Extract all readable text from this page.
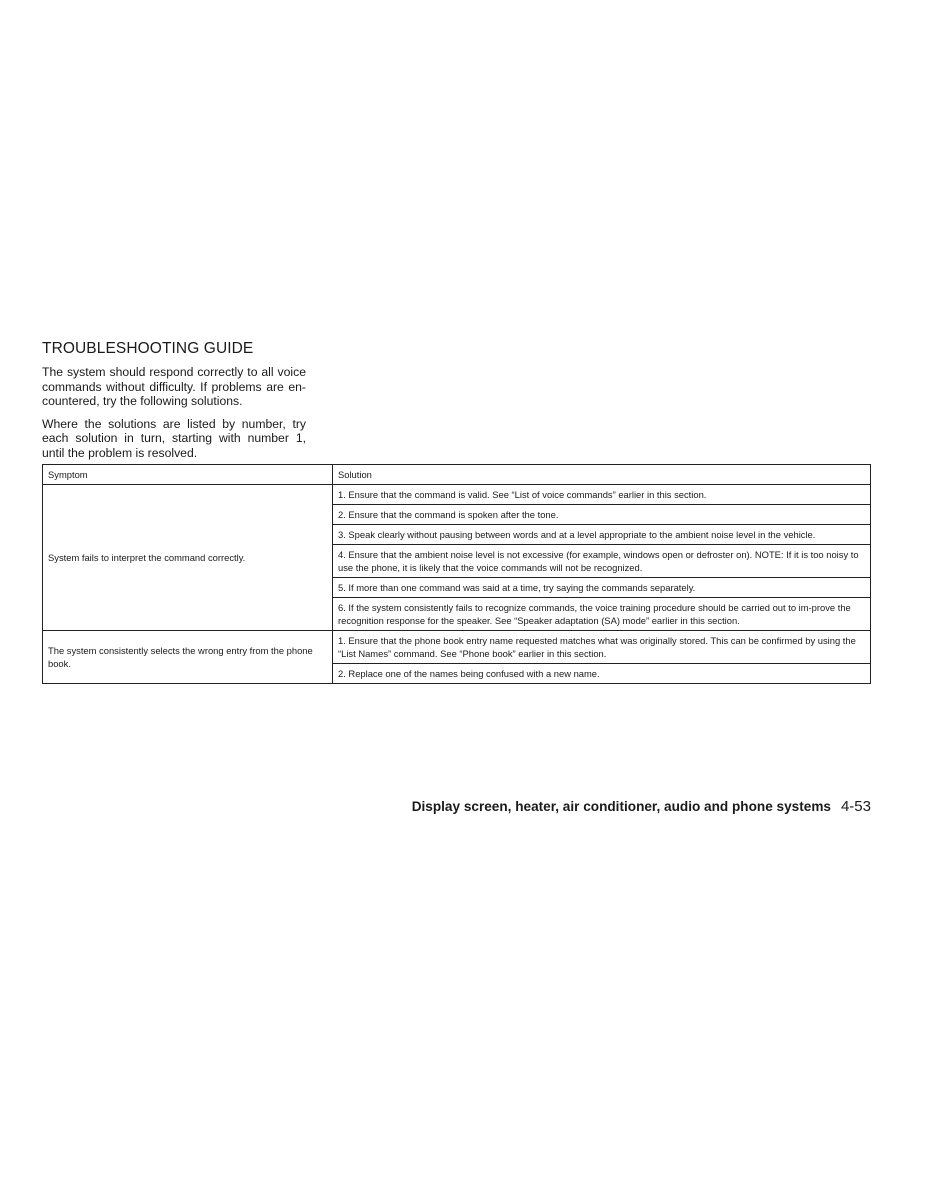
TROUBLESHOOTING GUIDE

The system should respond correctly to all voice commands without difficulty. If problems are en-countered, try the following solutions.

Where the solutions are listed by number, try each solution in turn, starting with number 1, until the problem is resolved.

Symptom	Solution
System fails to interpret the command correctly.	1. Ensure that the command is valid. See “List of voice commands” earlier in this section.
	2. Ensure that the command is spoken after the tone.
	3. Speak clearly without pausing between words and at a level appropriate to the ambient noise level in the vehicle.
	4. Ensure that the ambient noise level is not excessive (for example, windows open or defroster on). NOTE: If it is too noisy to use the phone, it is likely that the voice commands will not be recognized.
	5. If more than one command was said at a time, try saying the commands separately.
	6. If the system consistently fails to recognize commands, the voice training procedure should be carried out to im-prove the recognition response for the speaker. See “Speaker adaptation (SA) mode” earlier in this section.
The system consistently selects the wrong entry from the phone book.	1. Ensure that the phone book entry name requested matches what was originally stored. This can be confirmed by using the “List Names” command. See “Phone book” earlier in this section.
	2. Replace one of the names being confused with a new name.
Display screen, heater, air conditioner, audio and phone systems 4-53
